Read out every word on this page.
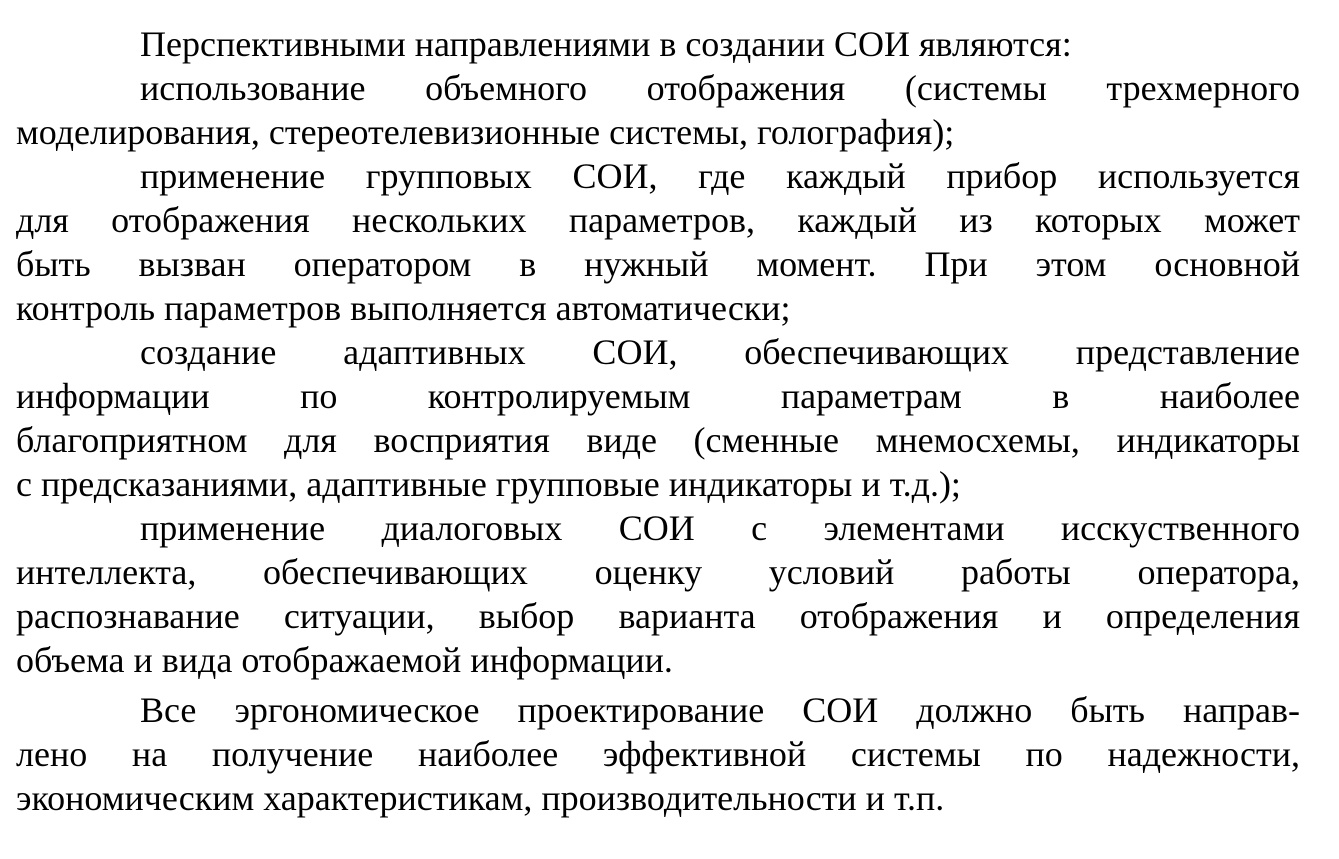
Перспективными направлениями в создании СОИ являются:
использование объемного отображения (системы трехмерного
моделирования, стереотелевизионные системы, голография);
применение групповых СОИ, где каждый прибор используется
для отображения нескольких параметров, каждый из которых может
быть вызван оператором в нужный момент. При этом основной
контроль параметров выполняется автоматически;
создание адаптивных СОИ, обеспечивающих представление
информации по контролируемым параметрам в наиболее
благоприятном для восприятия виде (сменные мнемосхемы, индикаторы
с предсказаниями, адаптивные групповые индикаторы и т.д.);
применение диалоговых СОИ с элементами исскуственного
интеллекта, обеспечивающих оценку условий работы оператора,
распознавание ситуации, выбор варианта отображения и определения
объема и вида отображаемой информации.
Все эргономическое проектирование СОИ должно быть направ-
лено на получение наиболее эффективной системы по надежности,
экономическим характеристикам, производительности и т.п.
